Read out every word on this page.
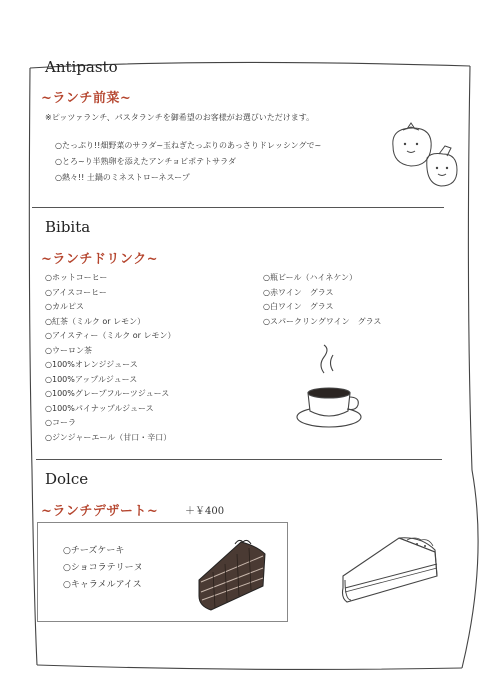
Antipasto
~ランチ前菜~
※ピッツァランチ、パスタランチを御希望のお客様がお選びいただけます。
○たっぷり!!畑野菜のサラダ~玉ねぎたっぷりのあっさりドレッシングで~
○とろ~り半熟卵を添えたアンチョビポテトサラダ
○熱々!! 土鍋のミネストローネスープ
Bibita
~ランチドリンク~
○ホットコーヒー
○アイスコーヒー
○カルピス
○紅茶（ミルク or レモン）
○アイスティー（ミルク or レモン）
○ウーロン茶
○100%オレンジジュース
○100%アップルジュース
○100%グレープフルーツジュース
○100%パイナップルジュース
○コーラ
○ジンジャーエール（甘口・辛口）
○瓶ビール（ハイネケン）
○赤ワイン　グラス
○白ワイン　グラス
○スパークリングワイン　グラス
Dolce
~ランチデザート~	＋￥400
○チーズケーキ
○ショコラテリーヌ
○キャラメルアイス
